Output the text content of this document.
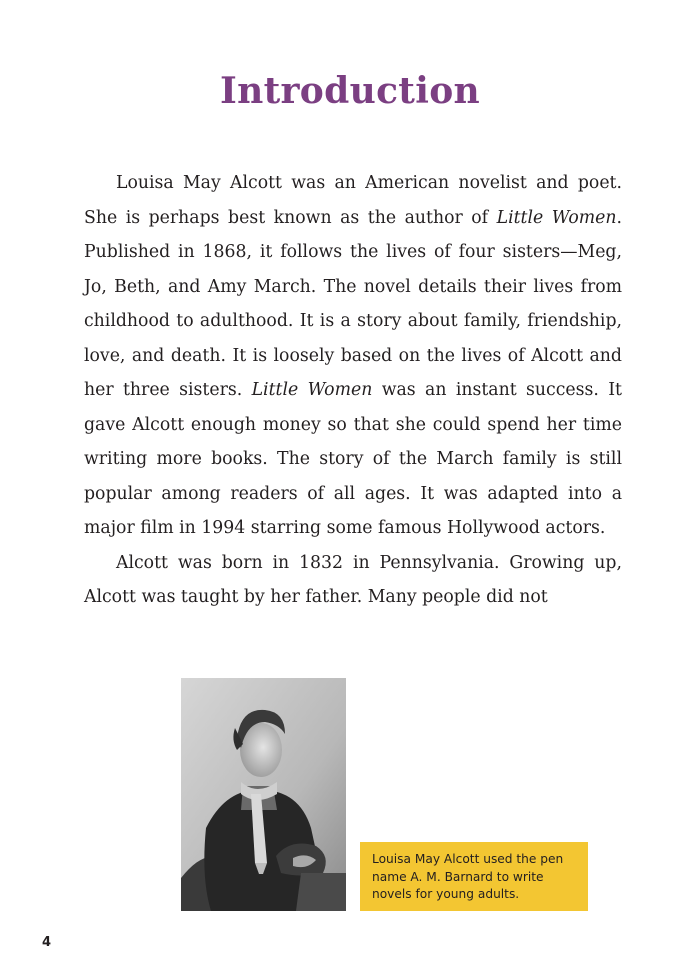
Introduction

Louisa May Alcott was an American novelist and poet. She is perhaps best known as the author of Little Women. Published in 1868, it follows the lives of four sisters—Meg, Jo, Beth, and Amy March. The novel details their lives from childhood to adulthood. It is a story about family, friendship, love, and death. It is loosely based on the lives of Alcott and her three sisters. Little Women was an instant success. It gave Alcott enough money so that she could spend her time writing more books. The story of the March family is still popular among readers of all ages. It was adapted into a major film in 1994 starring some famous Hollywood actors.

Alcott was born in 1832 in Pennsylvania. Growing up, Alcott was taught by her father. Many people did not

Louisa May Alcott used the pen name A. M. Barnard to write novels for young adults.
4
